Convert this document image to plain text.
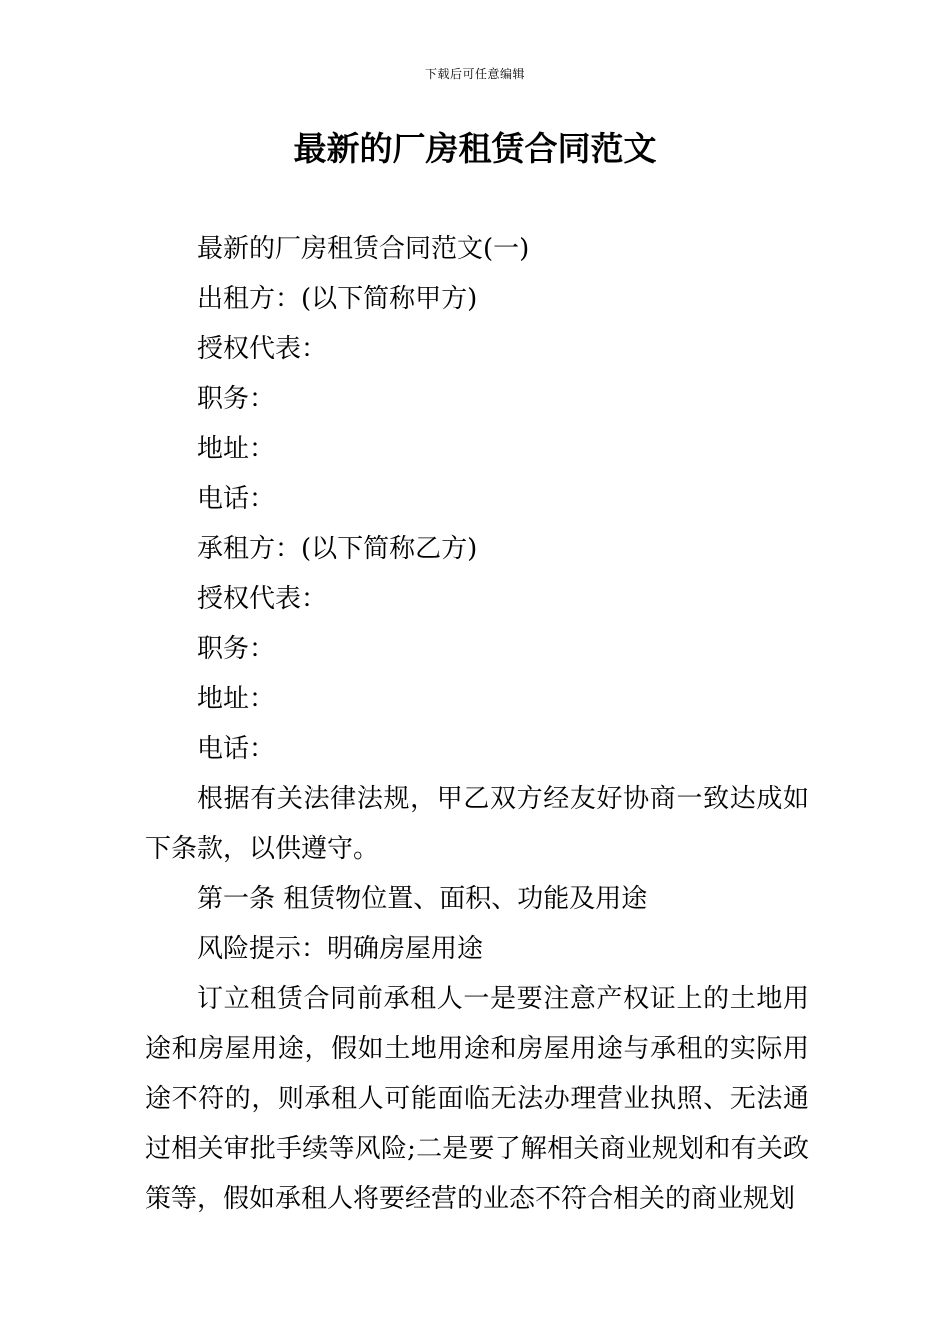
下载后可任意编辑
最新的厂房租赁合同范文

最新的厂房租赁合同范文(一)

出租方：(以下简称甲方)

授权代表：

职务：

地址：

电话：

承租方：(以下简称乙方)

授权代表：

职务：

地址：

电话：

根据有关法律法规，甲乙双方经友好协商一致达成如下条款，以供遵守。

第一条 租赁物位置、面积、功能及用途

风险提示：明确房屋用途

订立租赁合同前承租人一是要注意产权证上的土地用途和房屋用途，假如土地用途和房屋用途与承租的实际用途不符的，则承租人可能面临无法办理营业执照、无法通过相关审批手续等风险;二是要了解相关商业规划和有关政策等，假如承租人将要经营的业态不符合相关的商业规划
